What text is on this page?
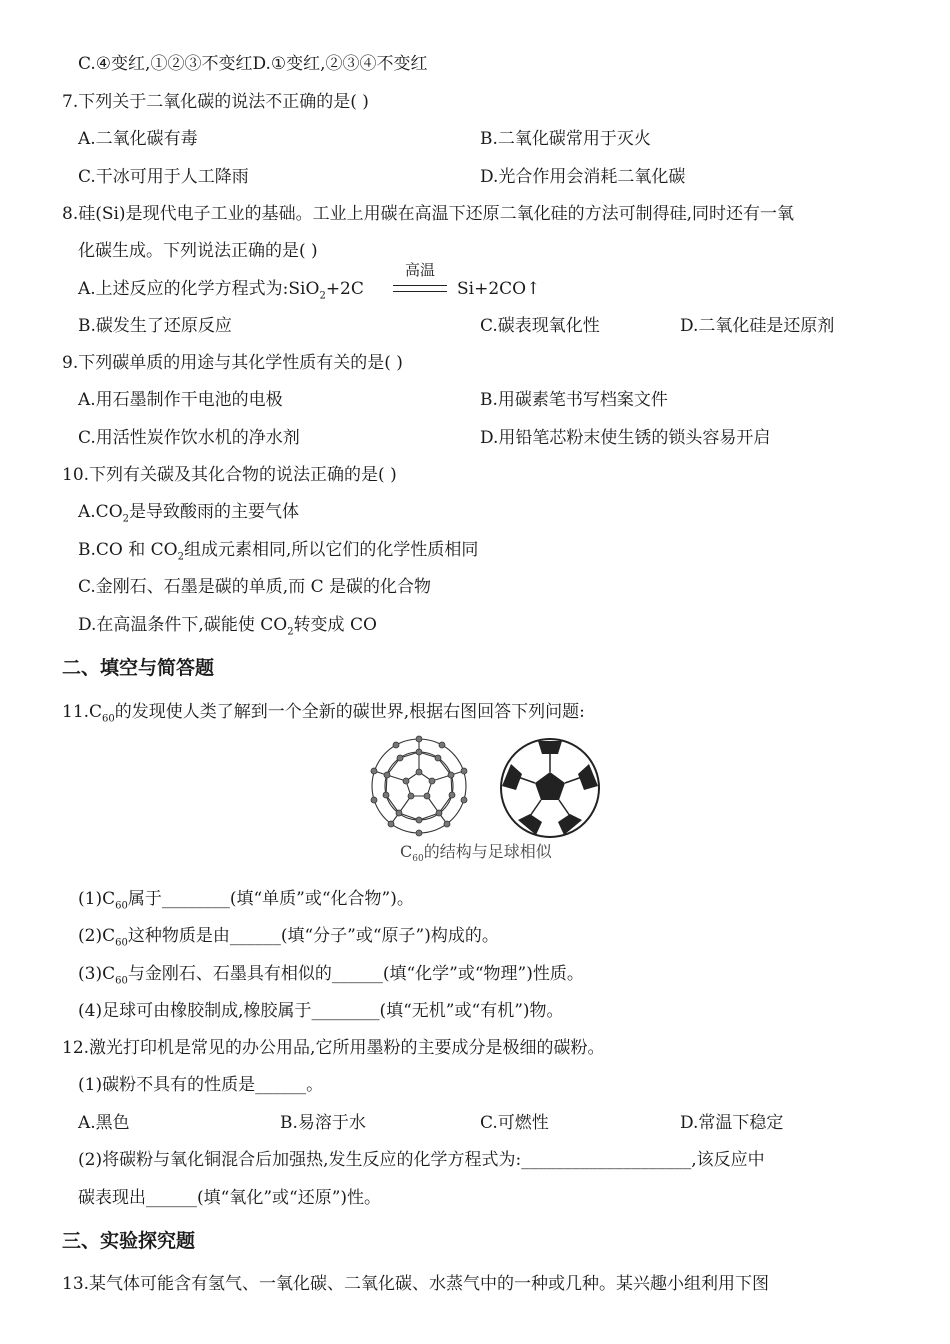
C.④变红,①②③不变红D.①变红,②③④不变红
7.下列关于二氧化碳的说法不正确的是( )
A.二氧化碳有毒	B.二氧化碳常用于灭火
C.干冰可用于人工降雨	D.光合作用会消耗二氧化碳
8.硅(Si)是现代电子工业的基础。工业上用碳在高温下还原二氧化硅的方法可制得硅,同时还有一氧
化碳生成。下列说法正确的是( )
A.上述反应的化学方程式为:SiO$_2$+2C
高温
Si+2CO↑
B.碳发生了还原反应	C.碳表现氧化性	D.二氧化硅是还原剂
9.下列碳单质的用途与其化学性质有关的是( )
A.用石墨制作干电池的电极	B.用碳素笔书写档案文件
C.用活性炭作饮水机的净水剂	D.用铅笔芯粉末使生锈的锁头容易开启
10.下列有关碳及其化合物的说法正确的是( )
$A.CO_2$是导致酸雨的主要气体
B.CO 和 $CO_2$组成元素相同,所以它们的化学性质相同
C.金刚石、石墨是碳的单质,而 C 是碳的化合物
D.在高温条件下,碳能使 $CO_2$转变成 CO
二、填空与简答题
$11.C_{60}$的发现使人类了解到一个全新的碳世界,根据右图回答下列问题:
$C_{60}$的结构与足球相似
$(1)C_{60}$属于________(填“单质”或“化合物”)。
$(2)C_{60}$这种物质是由______(填“分子”或“原子”)构成的。
$(3)C_{60}$与金刚石、石墨具有相似的______(填“化学”或“物理”)性质。
(4)足球可由橡胶制成,橡胶属于________(填“无机”或“有机”)物。
12.激光打印机是常见的办公用品,它所用墨粉的主要成分是极细的碳粉。
(1)碳粉不具有的性质是______。
A.黑色	B.易溶于水	C.可燃性	D.常温下稳定
(2)将碳粉与氧化铜混合后加强热,发生反应的化学方程式为:____________________,该反应中
碳表现出______(填“氧化”或“还原”)性。
三、实验探究题
13.某气体可能含有氢气、一氧化碳、二氧化碳、水蒸气中的一种或几种。某兴趣小组利用下图
